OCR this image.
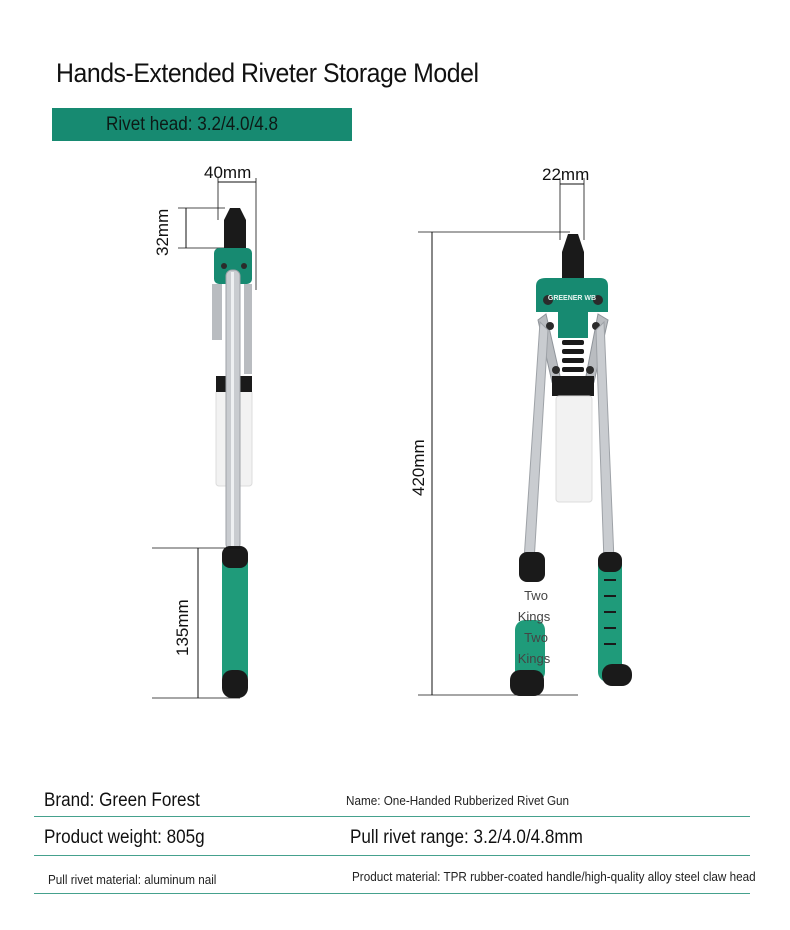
Hands-Extended Riveter Storage Model
Rivet head: 3.2/4.0/4.8
40mm
32mm
135mm
22mm
420mm
GREENER WB
Two
Kings
Two
Kings
Brand: Green Forest	Name: One-Handed Rubberized Rivet Gun
Product weight: 805g	Pull rivet range: 3.2/4.0/4.8mm
Pull rivet material: aluminum nail	Product material: TPR rubber-coated handle/high-quality alloy steel claw head
